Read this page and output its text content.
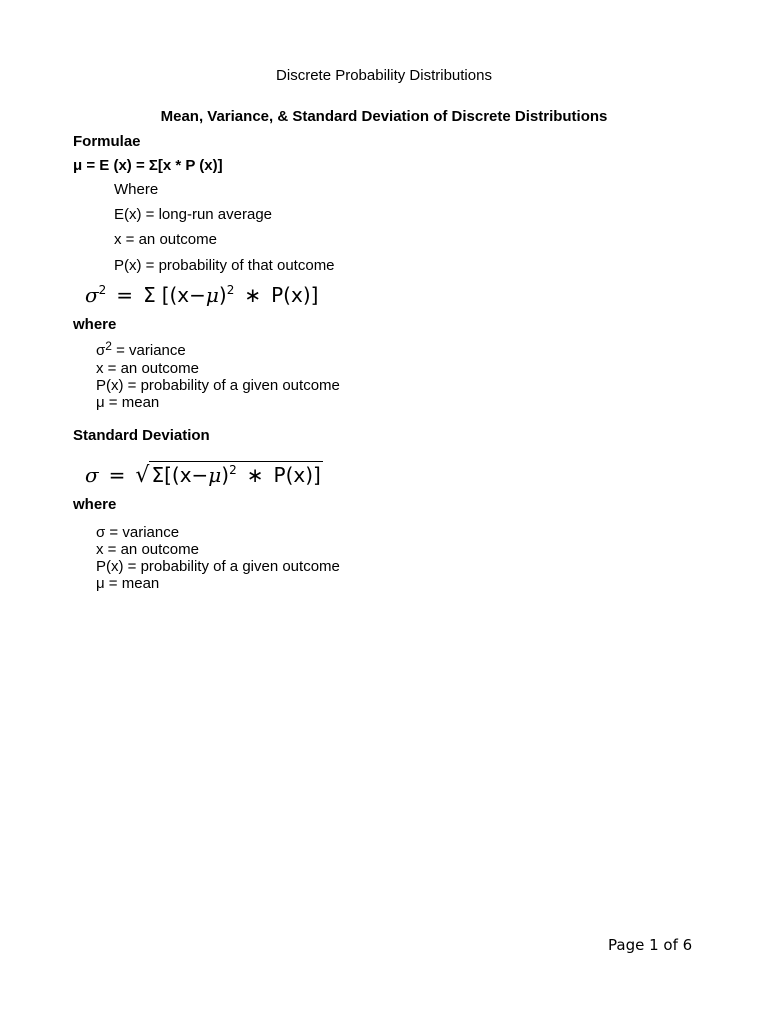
Discrete Probability Distributions
Mean, Variance, & Standard Deviation of Discrete Distributions
Formulae
μ = E (x) = Σ[x * P (x)]
Where
E(x) = long-run average
x = an outcome
P(x) = probability of that outcome
$\sigma^2 = \Sigma$ [$(x-\mu)^2$ ∗ P(x)]
where
$\sigma^2$ = variance
x = an outcome
P(x) = probability of a given outcome
μ = mean
Standard Deviation
σ = √ $\Sigma[(x-\mu)^2$ ∗ P(x)]
where
σ = variance
x = an outcome
P(x) = probability of a given outcome
μ = mean
Page 1 of 6
